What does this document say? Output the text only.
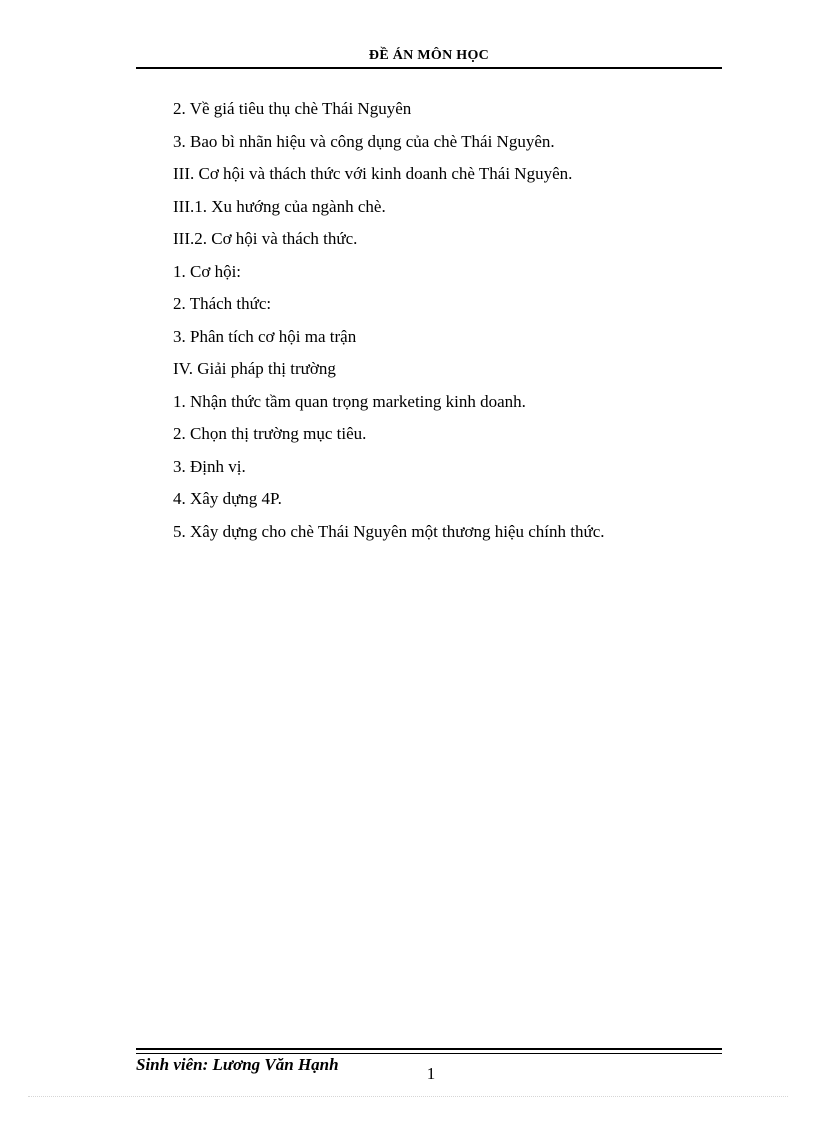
ĐỀ ÁN MÔN HỌC
2. Về giá tiêu thụ chè Thái Nguyên
3. Bao bì nhãn hiệu và công dụng của chè Thái Nguyên.
III. Cơ hội và thách thức với kinh doanh chè Thái Nguyên.
III.1. Xu hướng của ngành chè.
III.2. Cơ hội và thách thức.
1. Cơ hội:
2. Thách thức:
3. Phân tích cơ hội ma trận
IV. Giải pháp thị trường
1. Nhận thức tầm quan trọng marketing kinh doanh.
2. Chọn thị trường mục tiêu.
3. Định vị.
4. Xây dựng 4P.
5. Xây dựng cho chè Thái Nguyên một thương hiệu chính thức.
Sinh viên: Lương Văn Hạnh	1
